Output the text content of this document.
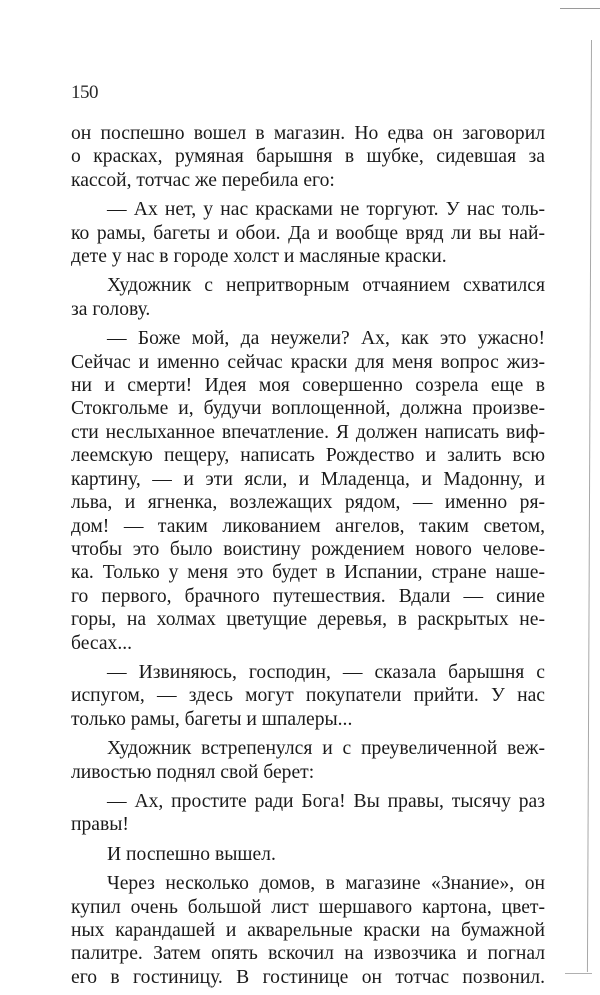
150

он поспешно вошел в магазин. Но едва он заговорил
о красках, румяная барышня в шубке, сидевшая за
кассой, тотчас же перебила его:

— Ах нет, у нас красками не торгуют. У нас толь-
ко рамы, багеты и обои. Да и вообще вряд ли вы най-
дете у нас в городе холст и масляные краски.

Художник с непритворным отчаянием схватился
за голову.

— Боже мой, да неужели? Ах, как это ужасно!
Сейчас и именно сейчас краски для меня вопрос жиз-
ни и смерти! Идея моя совершенно созрела еще в
Стокгольме и, будучи воплощенной, должна произве-
сти неслыханное впечатление. Я должен написать виф-
леемскую пещеру, написать Рождество и залить всю
картину, — и эти ясли, и Младенца, и Мадонну, и
льва, и ягненка, возлежащих рядом, — именно ря-
дом! — таким ликованием ангелов, таким светом,
чтобы это было воистину рождением нового челове-
ка. Только у меня это будет в Испании, стране наше-
го первого, брачного путешествия. Вдали — синие
горы, на холмах цветущие деревья, в раскрытых не-
бесах...

— Извиняюсь, господин, — сказала барышня с
испугом, — здесь могут покупатели прийти. У нас
только рамы, багеты и шпалеры...

Художник встрепенулся и с преувеличенной веж-
ливостью поднял свой берет:

— Ах, простите ради Бога! Вы правы, тысячу раз
правы!

И поспешно вышел.

Через несколько домов, в магазине «Знание», он
купил очень большой лист шершавого картона, цвет-
ных карандашей и акварельные краски на бумажной
палитре. Затем опять вскочил на извозчика и погнал
его в гостиницу. В гостинице он тотчас позвонил.
